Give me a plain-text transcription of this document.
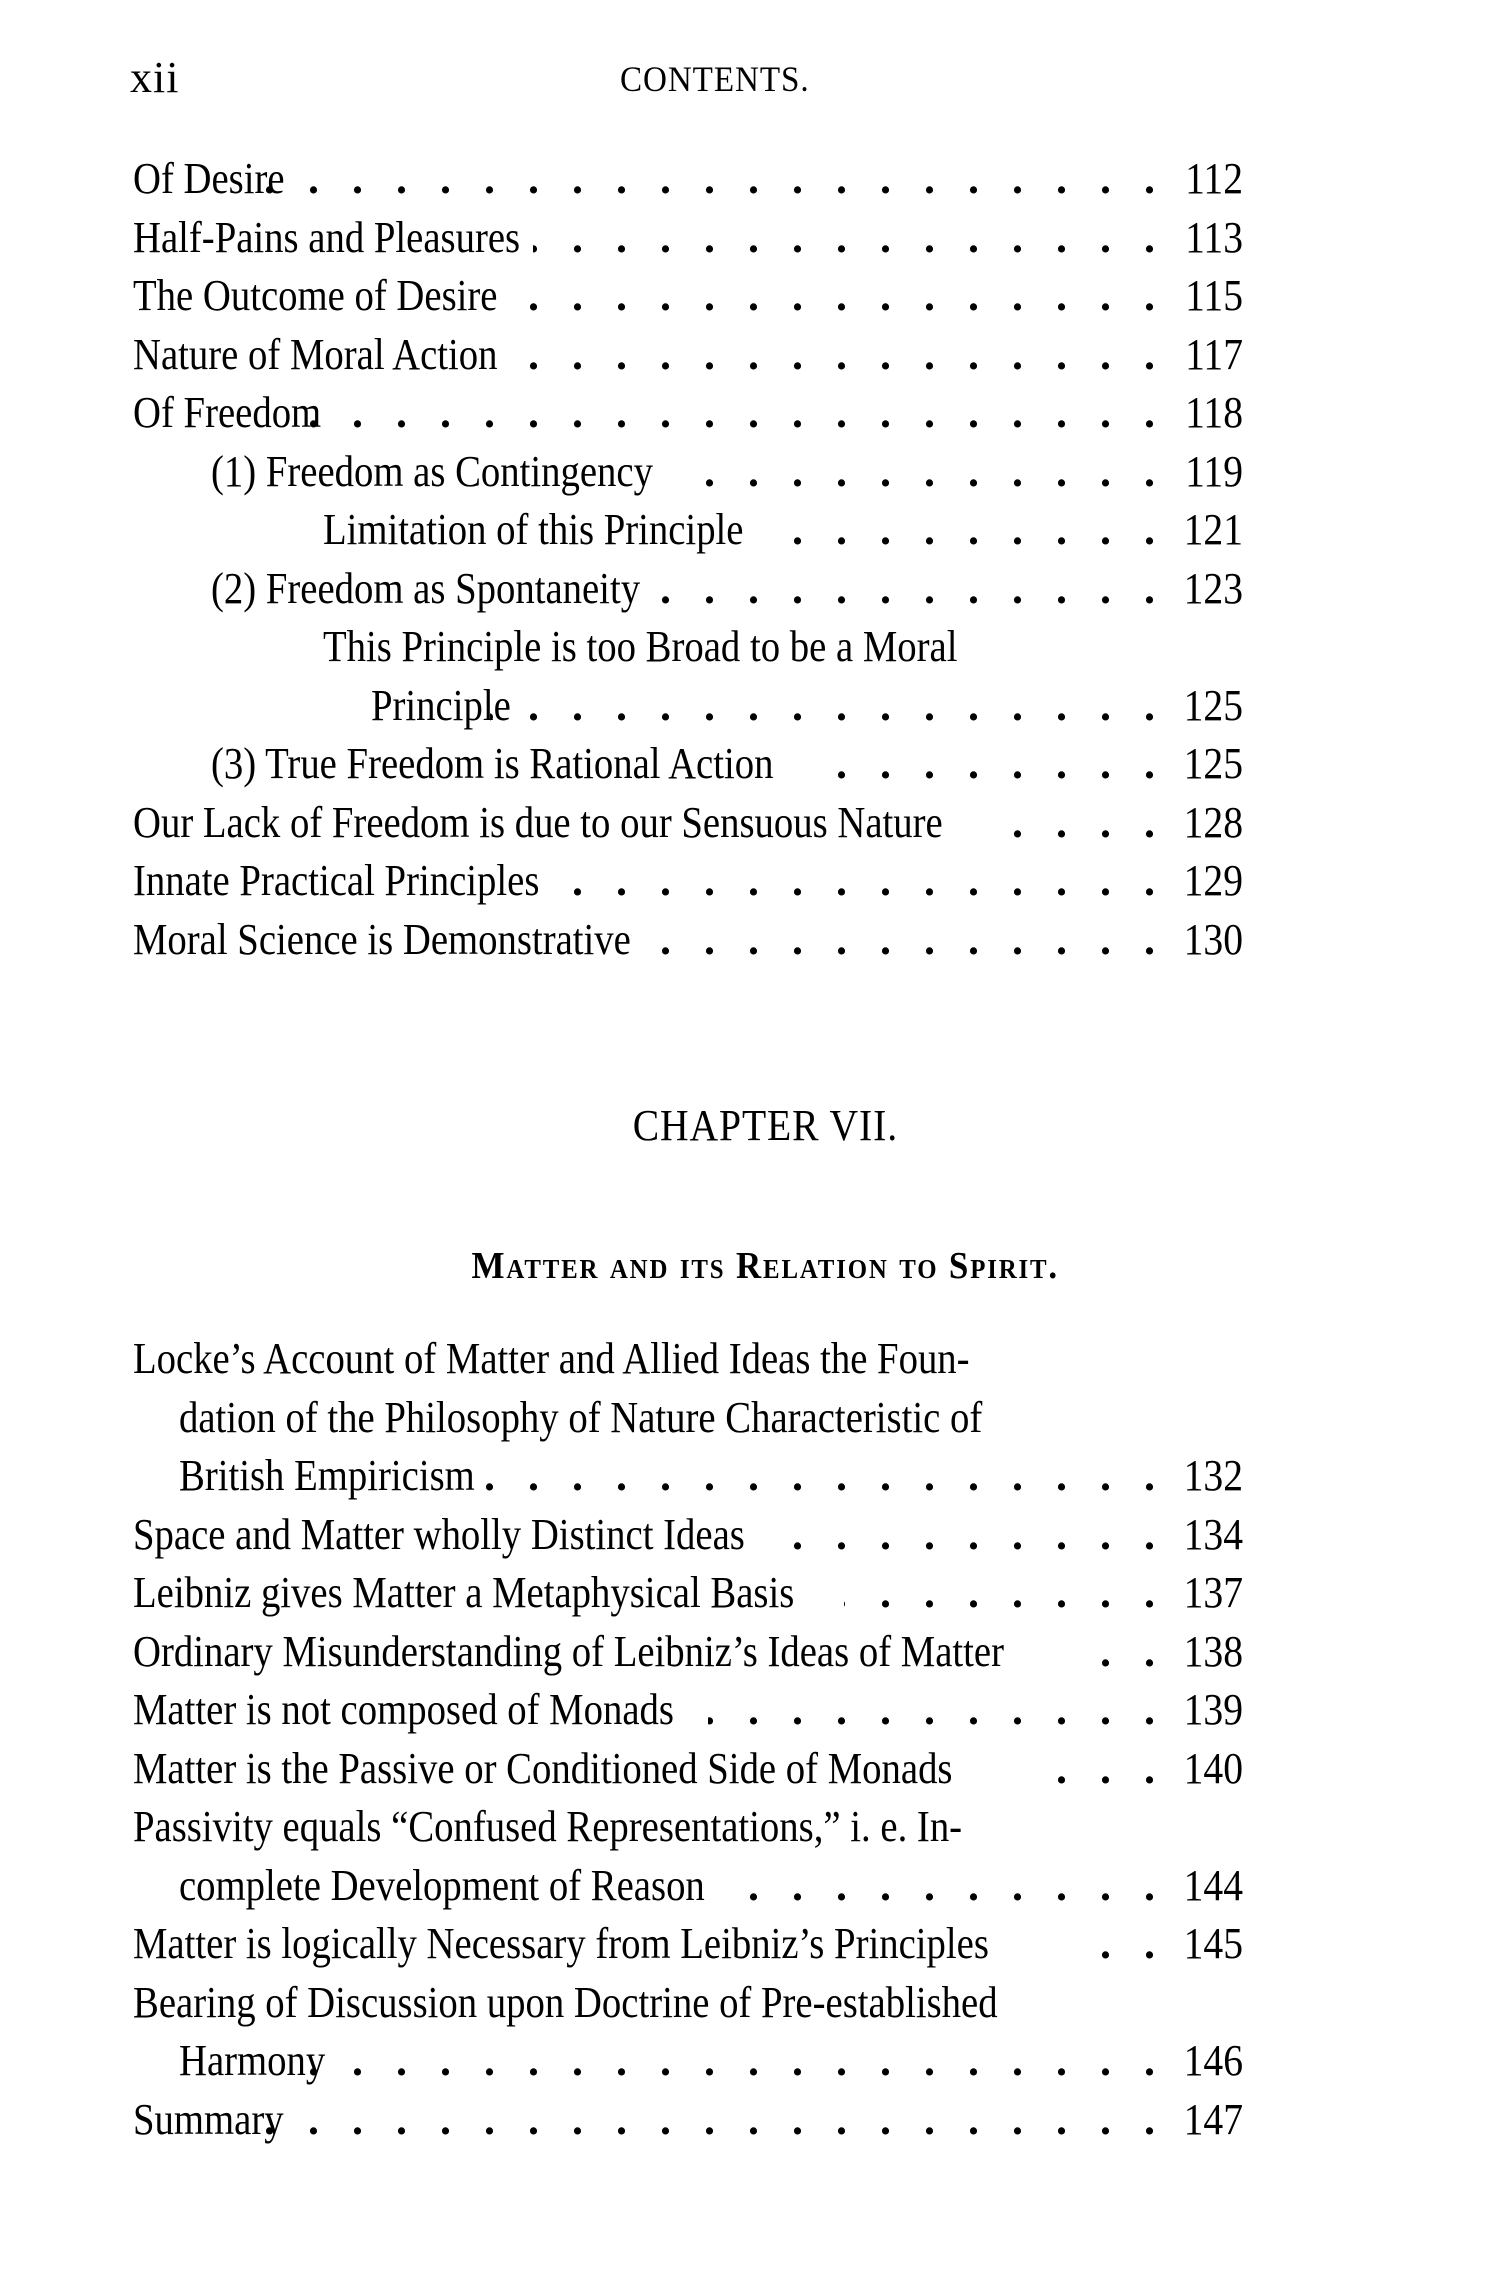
xii	CONTENTS.
Of Desire . . .	112
Half-Pains and Pleasures . . .	113
The Outcome of Desire . . .	115
Nature of Moral Action . . .	117
Of Freedom . . .	118
(1) Freedom as Contingency . . .	119
Limitation of this Principle . . .	121
(2) Freedom as Spontaneity . . .	123
This Principle is too Broad to be a Moral
Principle . . .	125
(3) True Freedom is Rational Action . . .	125
Our Lack of Freedom is due to our Sensuous Nature . . .	128
Innate Practical Principles . . .	129
Moral Science is Demonstrative . . .	130
CHAPTER VII.
Matter and its Relation to Spirit.
Locke’s Account of Matter and Allied Ideas the Foun-
dation of the Philosophy of Nature Characteristic of
British Empiricism . . .	132
Space and Matter wholly Distinct Ideas . . .	134
Leibniz gives Matter a Metaphysical Basis . . .	137
Ordinary Misunderstanding of Leibniz’s Ideas of Matter . . .	138
Matter is not composed of Monads . . .	139
Matter is the Passive or Conditioned Side of Monads . . .	140
Passivity equals “Confused Representations,” i. e. In-
complete Development of Reason . . .	144
Matter is logically Necessary from Leibniz’s Principles . . .	145
Bearing of Discussion upon Doctrine of Pre-established
Harmony . . .	146
Summary . . .	147
